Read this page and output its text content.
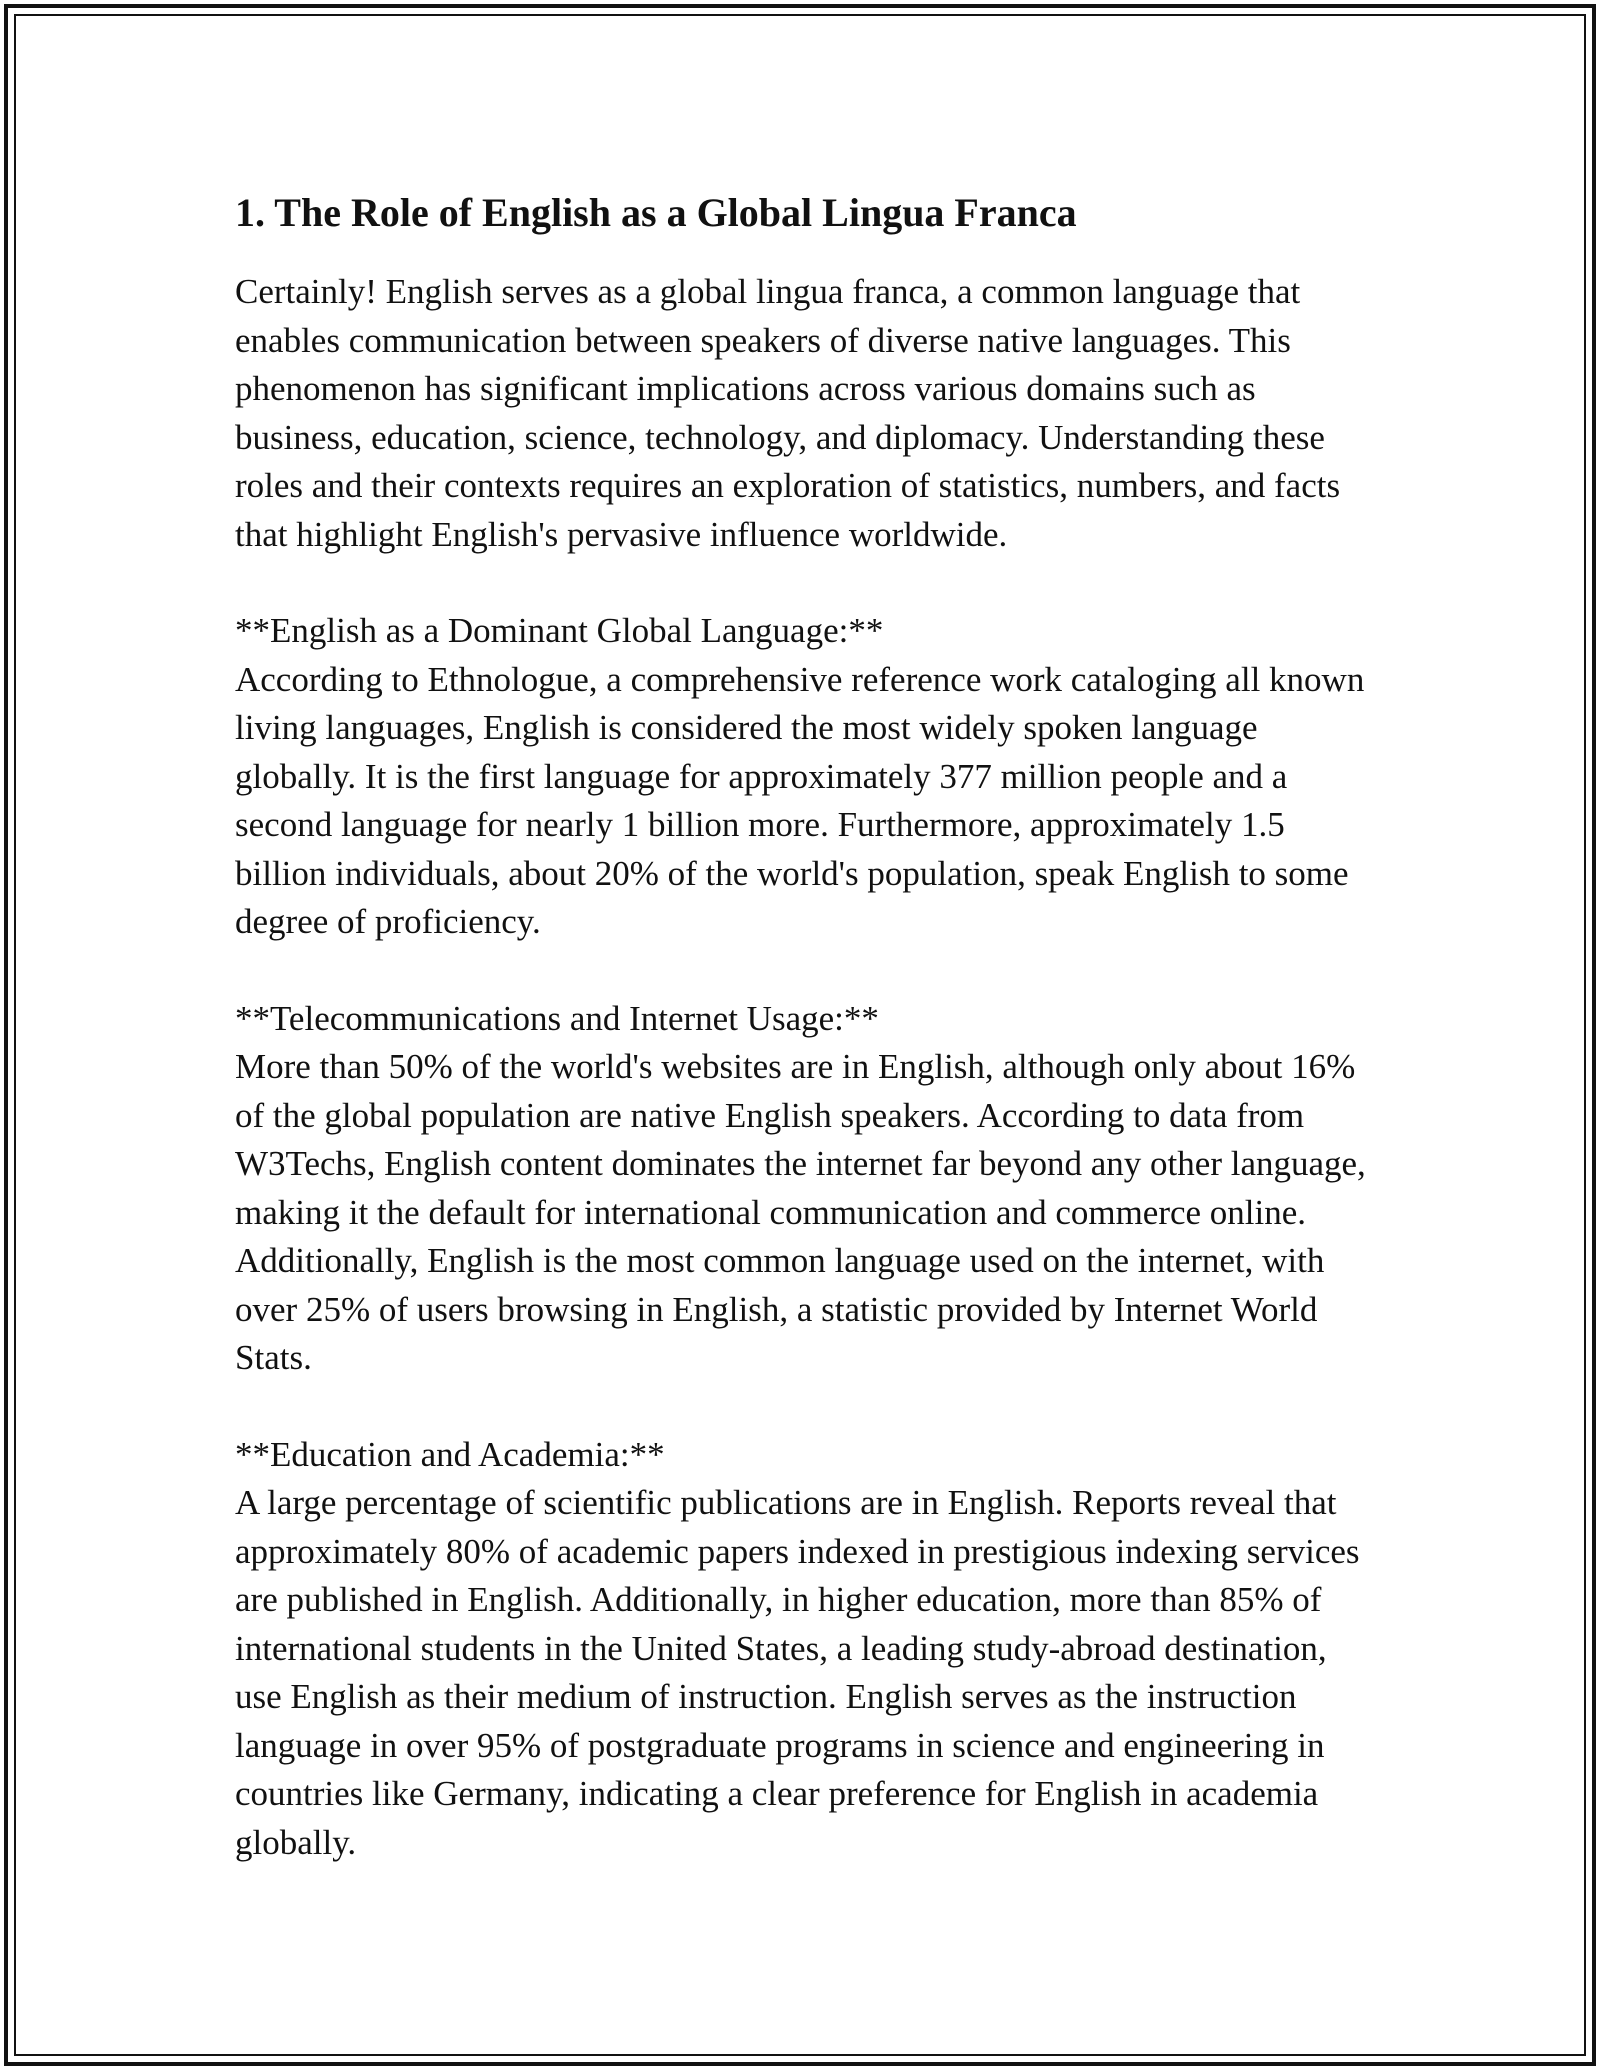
1. The Role of English as a Global Lingua Franca

Certainly! English serves as a global lingua franca, a common language that enables communication between speakers of diverse native languages. This phenomenon has significant implications across various domains such as business, education, science, technology, and diplomacy. Understanding these roles and their contexts requires an exploration of statistics, numbers, and facts that highlight English's pervasive influence worldwide.

**English as a Dominant Global Language:**

According to Ethnologue, a comprehensive reference work cataloging all known living languages, English is considered the most widely spoken language globally. It is the first language for approximately 377 million people and a second language for nearly 1 billion more. Furthermore, approximately 1.5 billion individuals, about 20% of the world's population, speak English to some degree of proficiency.

**Telecommunications and Internet Usage:**

More than 50% of the world's websites are in English, although only about 16% of the global population are native English speakers. According to data from W3Techs, English content dominates the internet far beyond any other language, making it the default for international communication and commerce online. Additionally, English is the most common language used on the internet, with over 25% of users browsing in English, a statistic provided by Internet World Stats.

**Education and Academia:**

A large percentage of scientific publications are in English. Reports reveal that approximately 80% of academic papers indexed in prestigious indexing services are published in English. Additionally, in higher education, more than 85% of international students in the United States, a leading study-abroad destination, use English as their medium of instruction. English serves as the instruction language in over 95% of postgraduate programs in science and engineering in countries like Germany, indicating a clear preference for English in academia globally.
